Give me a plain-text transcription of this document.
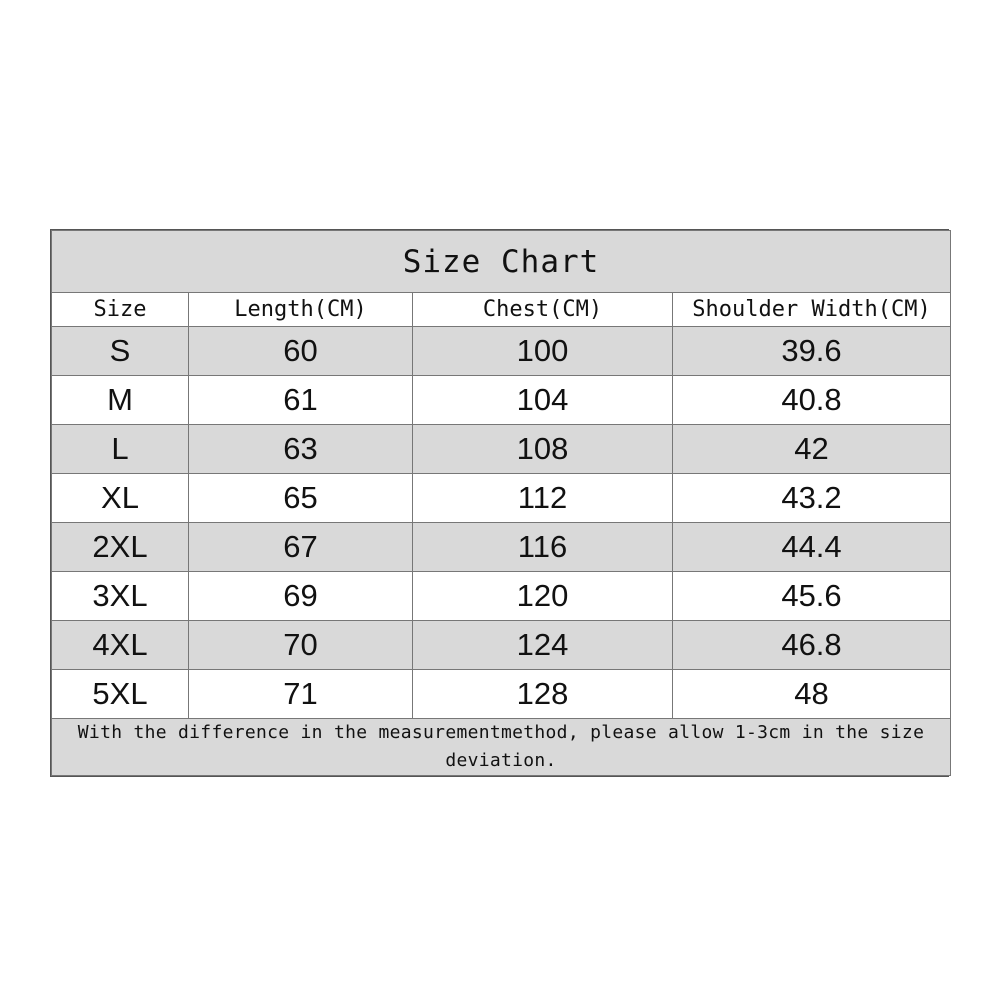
Size Chart			
Size	Length(CM)	Chest(CM)	Shoulder Width(CM)
S	60	100	39.6
M	61	104	40.8
L	63	108	42
XL	65	112	43.2
2XL	67	116	44.4
3XL	69	120	45.6
4XL	70	124	46.8
5XL	71	128	48
With the difference in the measurementmethod, please allow 1-3cm in the size deviation.			
